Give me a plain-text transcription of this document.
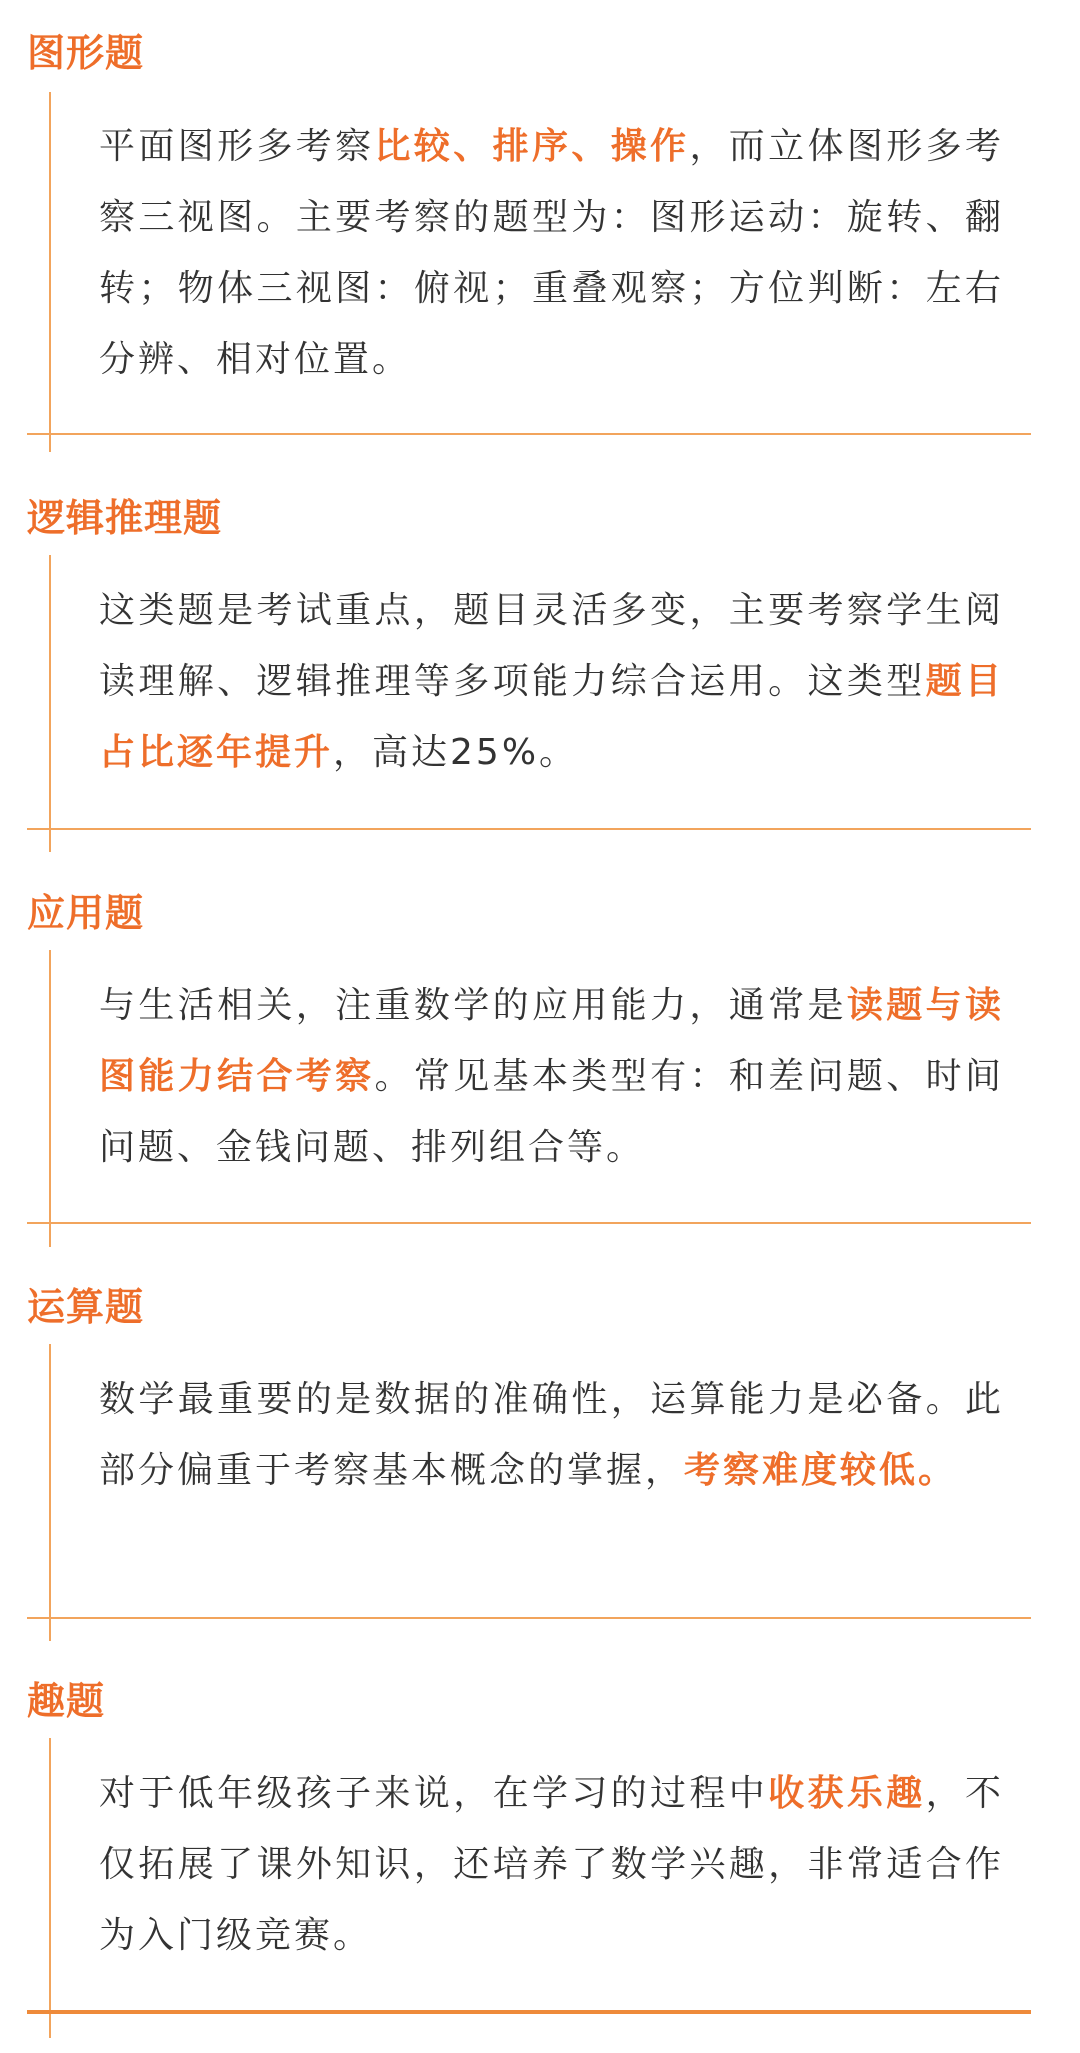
图形题

平面图形多考察比较、排序、操作，而立体图形多考察三视图。主要考察的题型为：图形运动：旋转、翻转；物体三视图：俯视；重叠观察；方位判断：左右分辨、相对位置。

逻辑推理题

这类题是考试重点，题目灵活多变，主要考察学生阅读理解、逻辑推理等多项能力综合运用。这类型题目占比逐年提升，高达25%。

应用题

与生活相关，注重数学的应用能力，通常是读题与读图能力结合考察。常见基本类型有：和差问题、时间问题、金钱问题、排列组合等。

运算题

数学最重要的是数据的准确性，运算能力是必备。此部分偏重于考察基本概念的掌握，考察难度较低。

趣题

对于低年级孩子来说，在学习的过程中收获乐趣，不仅拓展了课外知识，还培养了数学兴趣，非常适合作为入门级竞赛。
